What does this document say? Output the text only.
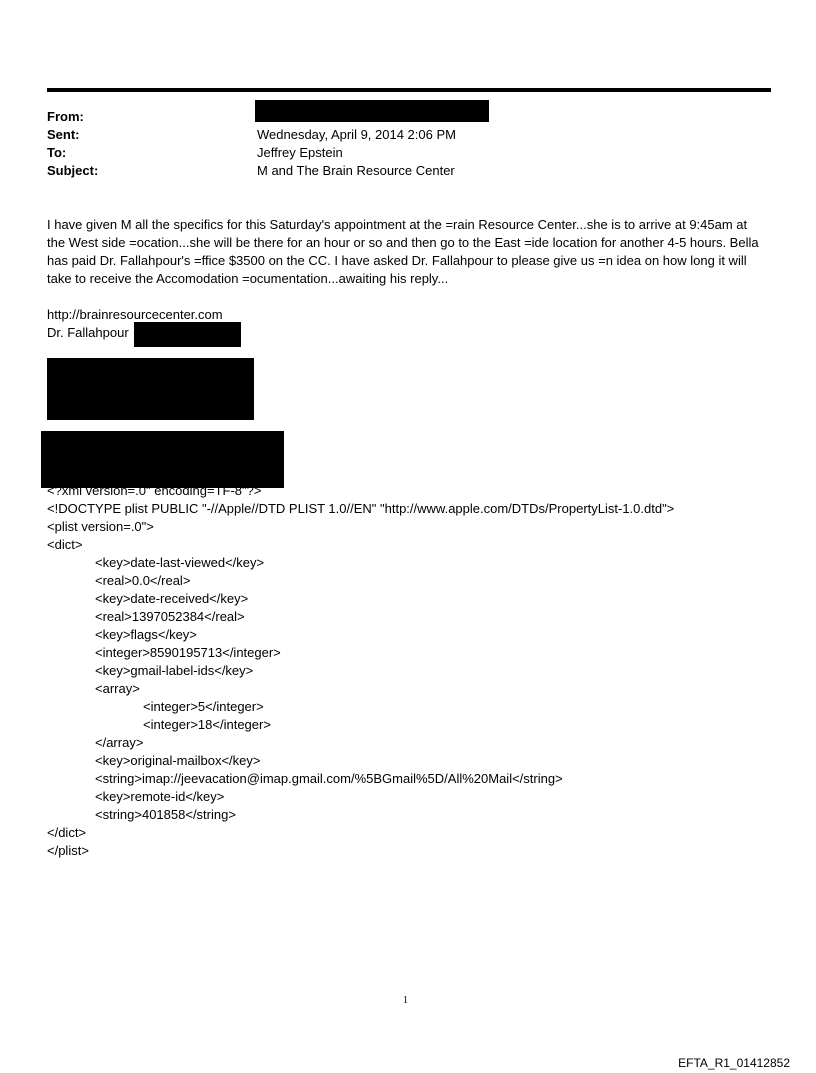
From:
Sent:	Wednesday, April 9, 2014 2:06 PM
To:	Jeffrey Epstein
Subject:	M and The Brain Resource Center

I have given M all the specifics for this Saturday's appointment at the =rain Resource Center...she is to arrive at 9:45am at the West side =ocation...she will be there for an hour or so and then go to the East =ide location for another 4-5 hours. Bella has paid Dr. Fallahpour's =ffice $3500 on the CC. I have asked Dr. Fallahpour to please give us =n idea on how long it will take to receive the Accomodation =ocumentation...awaiting his reply...

http://brainresourcecenter.com
Dr. Fallahpour
<?xml version=.0" encoding=TF-8"?>
<!DOCTYPE plist PUBLIC "-//Apple//DTD PLIST 1.0//EN" "http://www.apple.com/DTDs/PropertyList-1.0.dtd">
<plist version=.0">
<dict>
<key>date-last-viewed</key>
<real>0.0</real>
<key>date-received</key>
<real>1397052384</real>
<key>flags</key>
<integer>8590195713</integer>
<key>gmail-label-ids</key>
<array>
<integer>5</integer>
<integer>18</integer>
</array>
<key>original-mailbox</key>
<string>imap://jeevacation@imap.gmail.com/%5BGmail%5D/All%20Mail</string>
<key>remote-id</key>
<string>401858</string>
</dict>
</plist>
1
EFTA_R1_01412852
